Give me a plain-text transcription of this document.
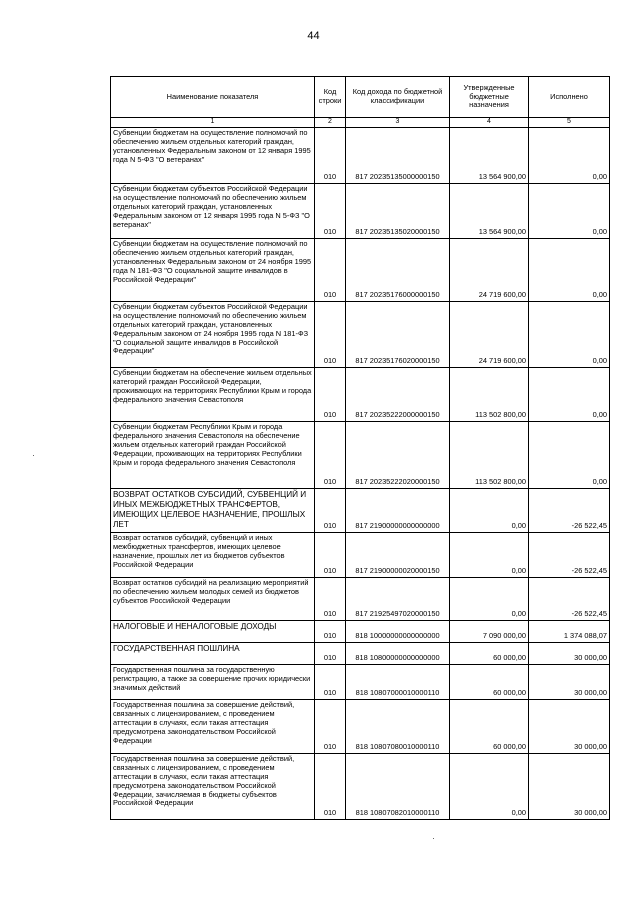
44
Наименование показателя	Код строки	Код дохода по бюджетной классификации	Утвержденные бюджетные назначения	Исполнено
1	2	3	4	5
Субвенции бюджетам на осуществление полномочий по обеспечению жильем отдельных категорий граждан, установленных Федеральным законом от 12 января 1995 года N 5-ФЗ "О ветеранах"	010	817 20235135000000150	13 564 900,00	0,00
Субвенции бюджетам субъектов Российской Федерации на осуществление полномочий по обеспечению жильем отдельных категорий граждан, установленных Федеральным законом от 12 января 1995 года N 5-ФЗ "О ветеранах"	010	817 20235135020000150	13 564 900,00	0,00
Субвенции бюджетам на осуществление полномочий по обеспечению жильем отдельных категорий граждан, установленных Федеральным законом от 24 ноября 1995 года N 181-ФЗ "О социальной защите инвалидов в Российской Федерации"	010	817 20235176000000150	24 719 600,00	0,00
Субвенции бюджетам субъектов Российской Федерации на осуществление полномочий по обеспечению жильем отдельных категорий граждан, установленных Федеральным законом от 24 ноября 1995 года N 181-ФЗ "О социальной защите инвалидов в Российской Федерации"	010	817 20235176020000150	24 719 600,00	0,00
Субвенции бюджетам на обеспечение жильем отдельных категорий граждан Российской Федерации, проживающих на территориях Республики Крым и города федерального значения Севастополя	010	817 20235222000000150	113 502 800,00	0,00
Субвенции бюджетам Республики Крым и города федерального значения Севастополя на обеспечение жильем отдельных категорий граждан Российской Федерации, проживающих на территориях Республики Крым и города федерального значения Севастополя	010	817 20235222020000150	113 502 800,00	0,00
ВОЗВРАТ ОСТАТКОВ СУБСИДИЙ, СУБВЕНЦИЙ И ИНЫХ МЕЖБЮДЖЕТНЫХ ТРАНСФЕРТОВ, ИМЕЮЩИХ ЦЕЛЕВОЕ НАЗНАЧЕНИЕ, ПРОШЛЫХ ЛЕТ	010	817 21900000000000000	0,00	-26 522,45
Возврат остатков субсидий, субвенций и иных межбюджетных трансфертов, имеющих целевое назначение, прошлых лет из бюджетов субъектов Российской Федерации	010	817 21900000020000150	0,00	-26 522,45
Возврат остатков субсидий на реализацию мероприятий по обеспечению жильем молодых семей из бюджетов субъектов Российской Федерации	010	817 21925497020000150	0,00	-26 522,45
НАЛОГОВЫЕ И НЕНАЛОГОВЫЕ ДОХОДЫ	010	818 10000000000000000	7 090 000,00	1 374 088,07
ГОСУДАРСТВЕННАЯ ПОШЛИНА	010	818 10800000000000000	60 000,00	30 000,00
Государственная пошлина за государственную регистрацию, а также за совершение прочих юридически значимых действий	010	818 10807000010000110	60 000,00	30 000,00
Государственная пошлина за совершение действий, связанных с лицензированием, с проведением аттестации в случаях, если такая аттестация предусмотрена законодательством Российской Федерации	010	818 10807080010000110	60 000,00	30 000,00
Государственная пошлина за совершение действий, связанных с лицензированием, с проведением аттестации в случаях, если такая аттестация предусмотрена законодательством Российской Федерации, зачисляемая в бюджеты субъектов Российской Федерации	010	818 10807082010000110	0,00	30 000,00
